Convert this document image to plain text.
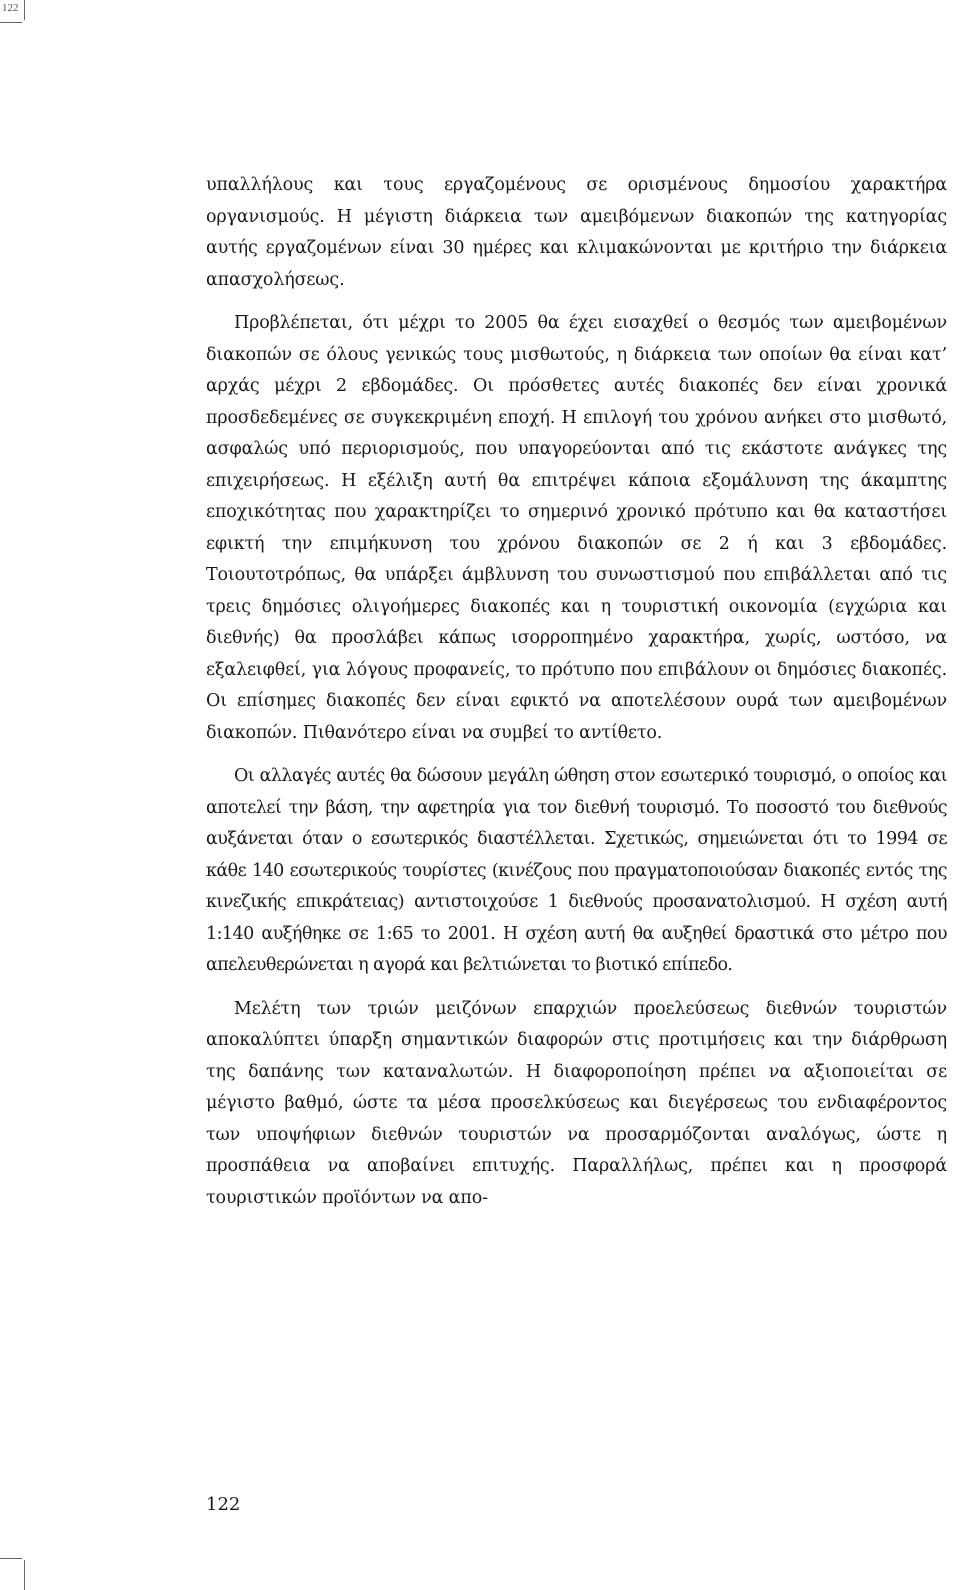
122

υπαλλήλους και τους εργαζομένους σε ορισμένους δημοσίου χαρακτήρα οργανισμούς. Η μέγιστη διάρκεια των αμειβόμενων διακοπών της κατηγορίας αυτής εργαζομένων είναι 30 ημέρες και κλιμακώνονται με κριτήριο την διάρκεια απασχολήσεως.

Προβλέπεται, ότι μέχρι το 2005 θα έχει εισαχθεί ο θεσμός των αμειβομένων διακοπών σε όλους γενικώς τους μισθωτούς, η διάρκεια των οποίων θα είναι κατ’ αρχάς μέχρι 2 εβδομάδες. Οι πρόσθετες αυτές διακοπές δεν είναι χρονικά προσδεδεμένες σε συγκεκριμένη εποχή. Η επιλογή του χρόνου ανήκει στο μισθωτό, ασφαλώς υπό περιορισμούς, που υπαγορεύονται από τις εκάστοτε ανάγκες της επιχειρήσεως. Η εξέλιξη αυτή θα επιτρέψει κάποια εξομάλυνση της άκαμπτης εποχικότητας που χαρακτηρίζει το σημερινό χρονικό πρότυπο και θα καταστήσει εφικτή την επιμήκυνση του χρόνου διακοπών σε 2 ή και 3 εβδομάδες. Τοιουτοτρόπως, θα υπάρξει άμβλυνση του συνωστισμού που επιβάλλεται από τις τρεις δημόσιες ολιγοήμερες διακοπές και η τουριστική οικονομία (εγχώρια και διεθνής) θα προσλάβει κάπως ισορροπημένο χαρακτήρα, χωρίς, ωστόσο, να εξαλειφθεί, για λόγους προφανείς, το πρότυπο που επιβάλουν οι δημόσιες διακοπές. Οι επίσημες διακοπές δεν είναι εφικτό να αποτελέσουν ουρά των αμειβομένων διακοπών. Πιθανότερο είναι να συμβεί το αντίθετο.

Οι αλλαγές αυτές θα δώσουν μεγάλη ώθηση στον εσωτερικό τουρισμό, ο οποίος και αποτελεί την βάση, την αφετηρία για τον διεθνή τουρισμό. Το ποσοστό του διεθνούς αυξάνεται όταν ο εσωτερικός διαστέλλεται. Σχετικώς, σημειώνεται ότι το 1994 σε κάθε 140 εσωτερικούς τουρίστες (κινέζους που πραγματοποιούσαν διακοπές εντός της κινεζικής επικράτειας) αντιστοιχούσε 1 διεθνούς προσανατολισμού. Η σχέση αυτή 1:140 αυξήθηκε σε 1:65 το 2001. Η σχέση αυτή θα αυξηθεί δραστικά στο μέτρο που απελευθερώνεται η αγορά και βελτιώνεται το βιοτικό επίπεδο.

Μελέτη των τριών μειζόνων επαρχιών προελεύσεως διεθνών τουριστών αποκαλύπτει ύπαρξη σημαντικών διαφορών στις προτιμήσεις και την διάρθρωση της δαπάνης των καταναλωτών. Η διαφοροποίηση πρέπει να αξιοποιείται σε μέγιστο βαθμό, ώστε τα μέσα προσελκύσεως και διεγέρσεως του ενδιαφέροντος των υποψήφιων διεθνών τουριστών να προσαρμόζονται αναλόγως, ώστε η προσπάθεια να αποβαίνει επιτυχής. Παραλλήλως, πρέπει και η προσφορά τουριστικών προϊόντων να απο-

122
